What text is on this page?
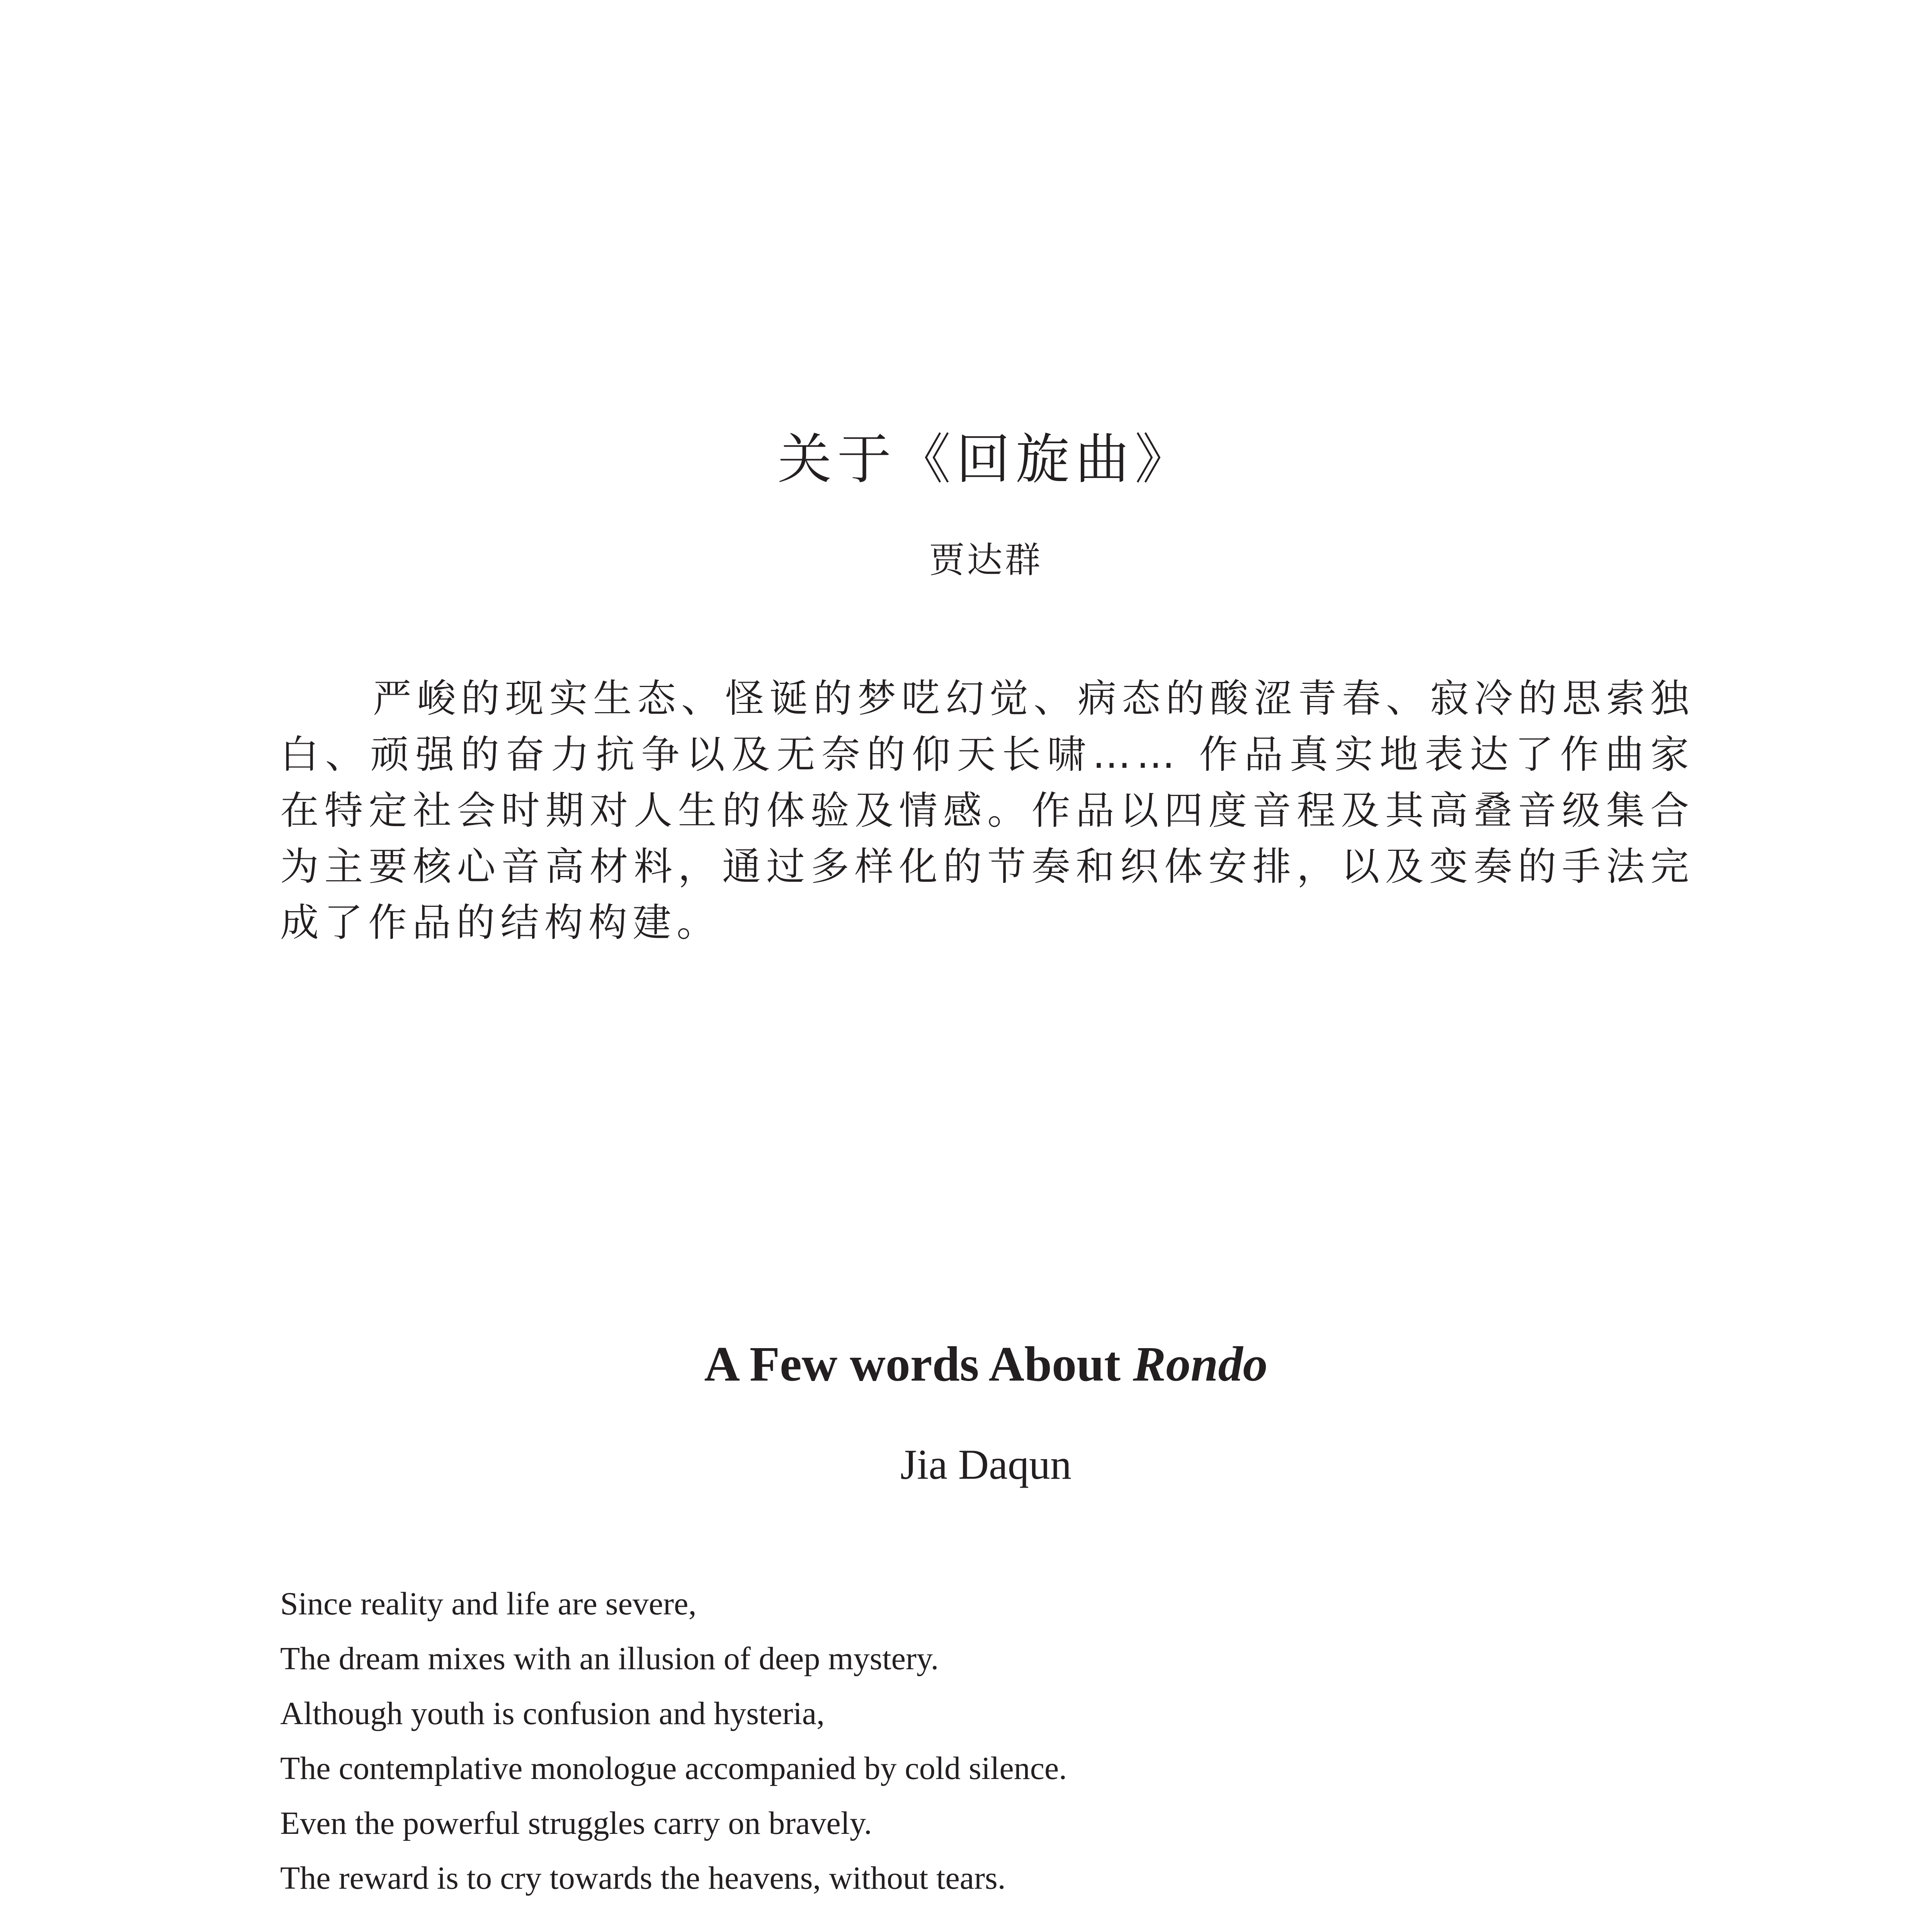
关于《回旋曲》
贾达群

严峻的现实生态、怪诞的梦呓幻觉、病态的酸涩青春、寂冷的思索独白、顽强的奋力抗争以及无奈的仰天长啸…… 作品真实地表达了作曲家在特定社会时期对人生的体验及情感。作品以四度音程及其高叠音级集合为主要核心音高材料，通过多样化的节奏和织体安排，以及变奏的手法完成了作品的结构构建。

A Few words About Rondo
Jia Daqun
Since reality and life are severe,
The dream mixes with an illusion of deep mystery.
Although youth is confusion and hysteria,
The contemplative monologue accompanied by cold silence.
Even the powerful struggles carry on bravely.
The reward is to cry towards the heavens, without tears.
